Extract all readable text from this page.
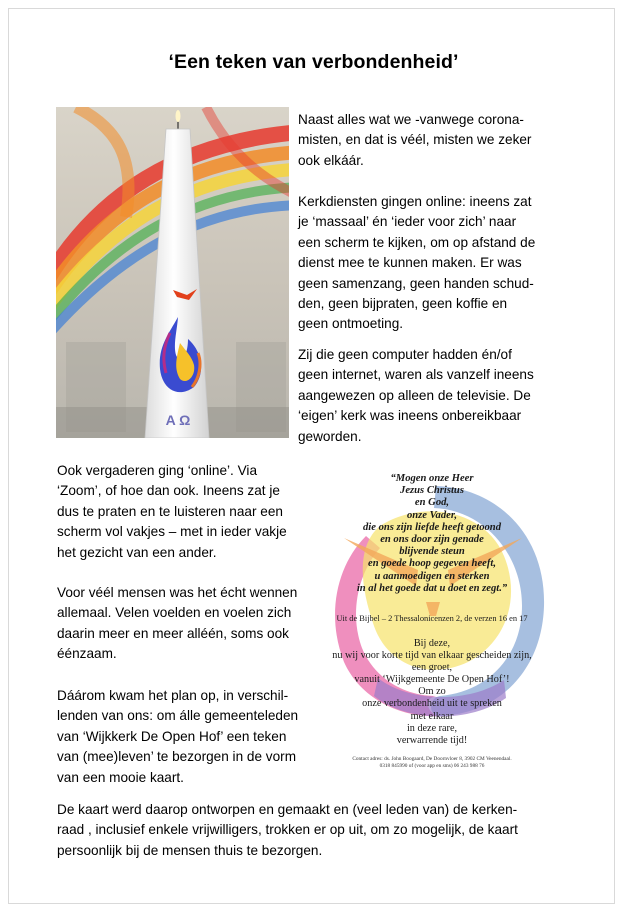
‘Een teken van verbondenheid’
A Ω
Naast alles wat we -vanwege corona-
misten, en dat is véél, misten we zeker
ook elkáár.
Kerkdiensten gingen online: ineens zat
je ‘massaal’ én ‘ieder voor zich’ naar
een scherm te kijken, om op afstand de
dienst mee te kunnen maken. Er was
geen samenzang, geen handen schud-
den, geen bijpraten, geen koffie en
geen ontmoeting.
Zij die geen computer hadden én/of
geen internet, waren als vanzelf ineens
aangewezen op alleen de televisie. De
‘eigen’ kerk was ineens onbereikbaar
geworden.
Ook vergaderen ging ‘online’. Via
‘Zoom’, of hoe dan ook. Ineens zat je
dus te praten en te luisteren naar een
scherm vol vakjes – met in ieder vakje
het gezicht van een ander.
Voor véél mensen was het écht wennen
allemaal. Velen voelden en voelen zich
daarin meer en meer alléén, soms ook
éénzaam.
Dáárom kwam het plan op, in verschil-
lenden van ons: om álle gemeenteleden
van ‘Wijkkerk De Open Hof’ een teken
van (mee)leven’ te bezorgen in de vorm
van een mooie kaart.
“Mogen onze Heer
Jezus Christus
en God,
onze Vader,
die ons zijn liefde heeft getoond
en ons door zijn genade
blijvende steun
en goede hoop gegeven heeft,
u aanmoedigen en sterken
in al het goede dat u doet en zegt.”
Uit de Bijbel – 2 Thessalonicenzen 2, de verzen 16 en 17
Bij deze,
nu wij voor korte tijd van elkaar gescheiden zijn,
een groet,
vanuit ‘Wijkgemeente De Open Hof’!
Om zo
onze verbondenheid uit te spreken
met elkaar
in deze rare,
verwarrende tijd!
Contact adres: ds. John Boogaard, De Doornvloer 8, 3902 CM Veenendaal.
0318 845990 of (voor app en sms) 06 243 988 76
De kaart werd daarop ontworpen en gemaakt en (veel leden van) de kerken-
raad , inclusief enkele vrijwilligers, trokken er op uit, om zo mogelijk, de kaart
persoonlijk bij de mensen thuis te bezorgen.
